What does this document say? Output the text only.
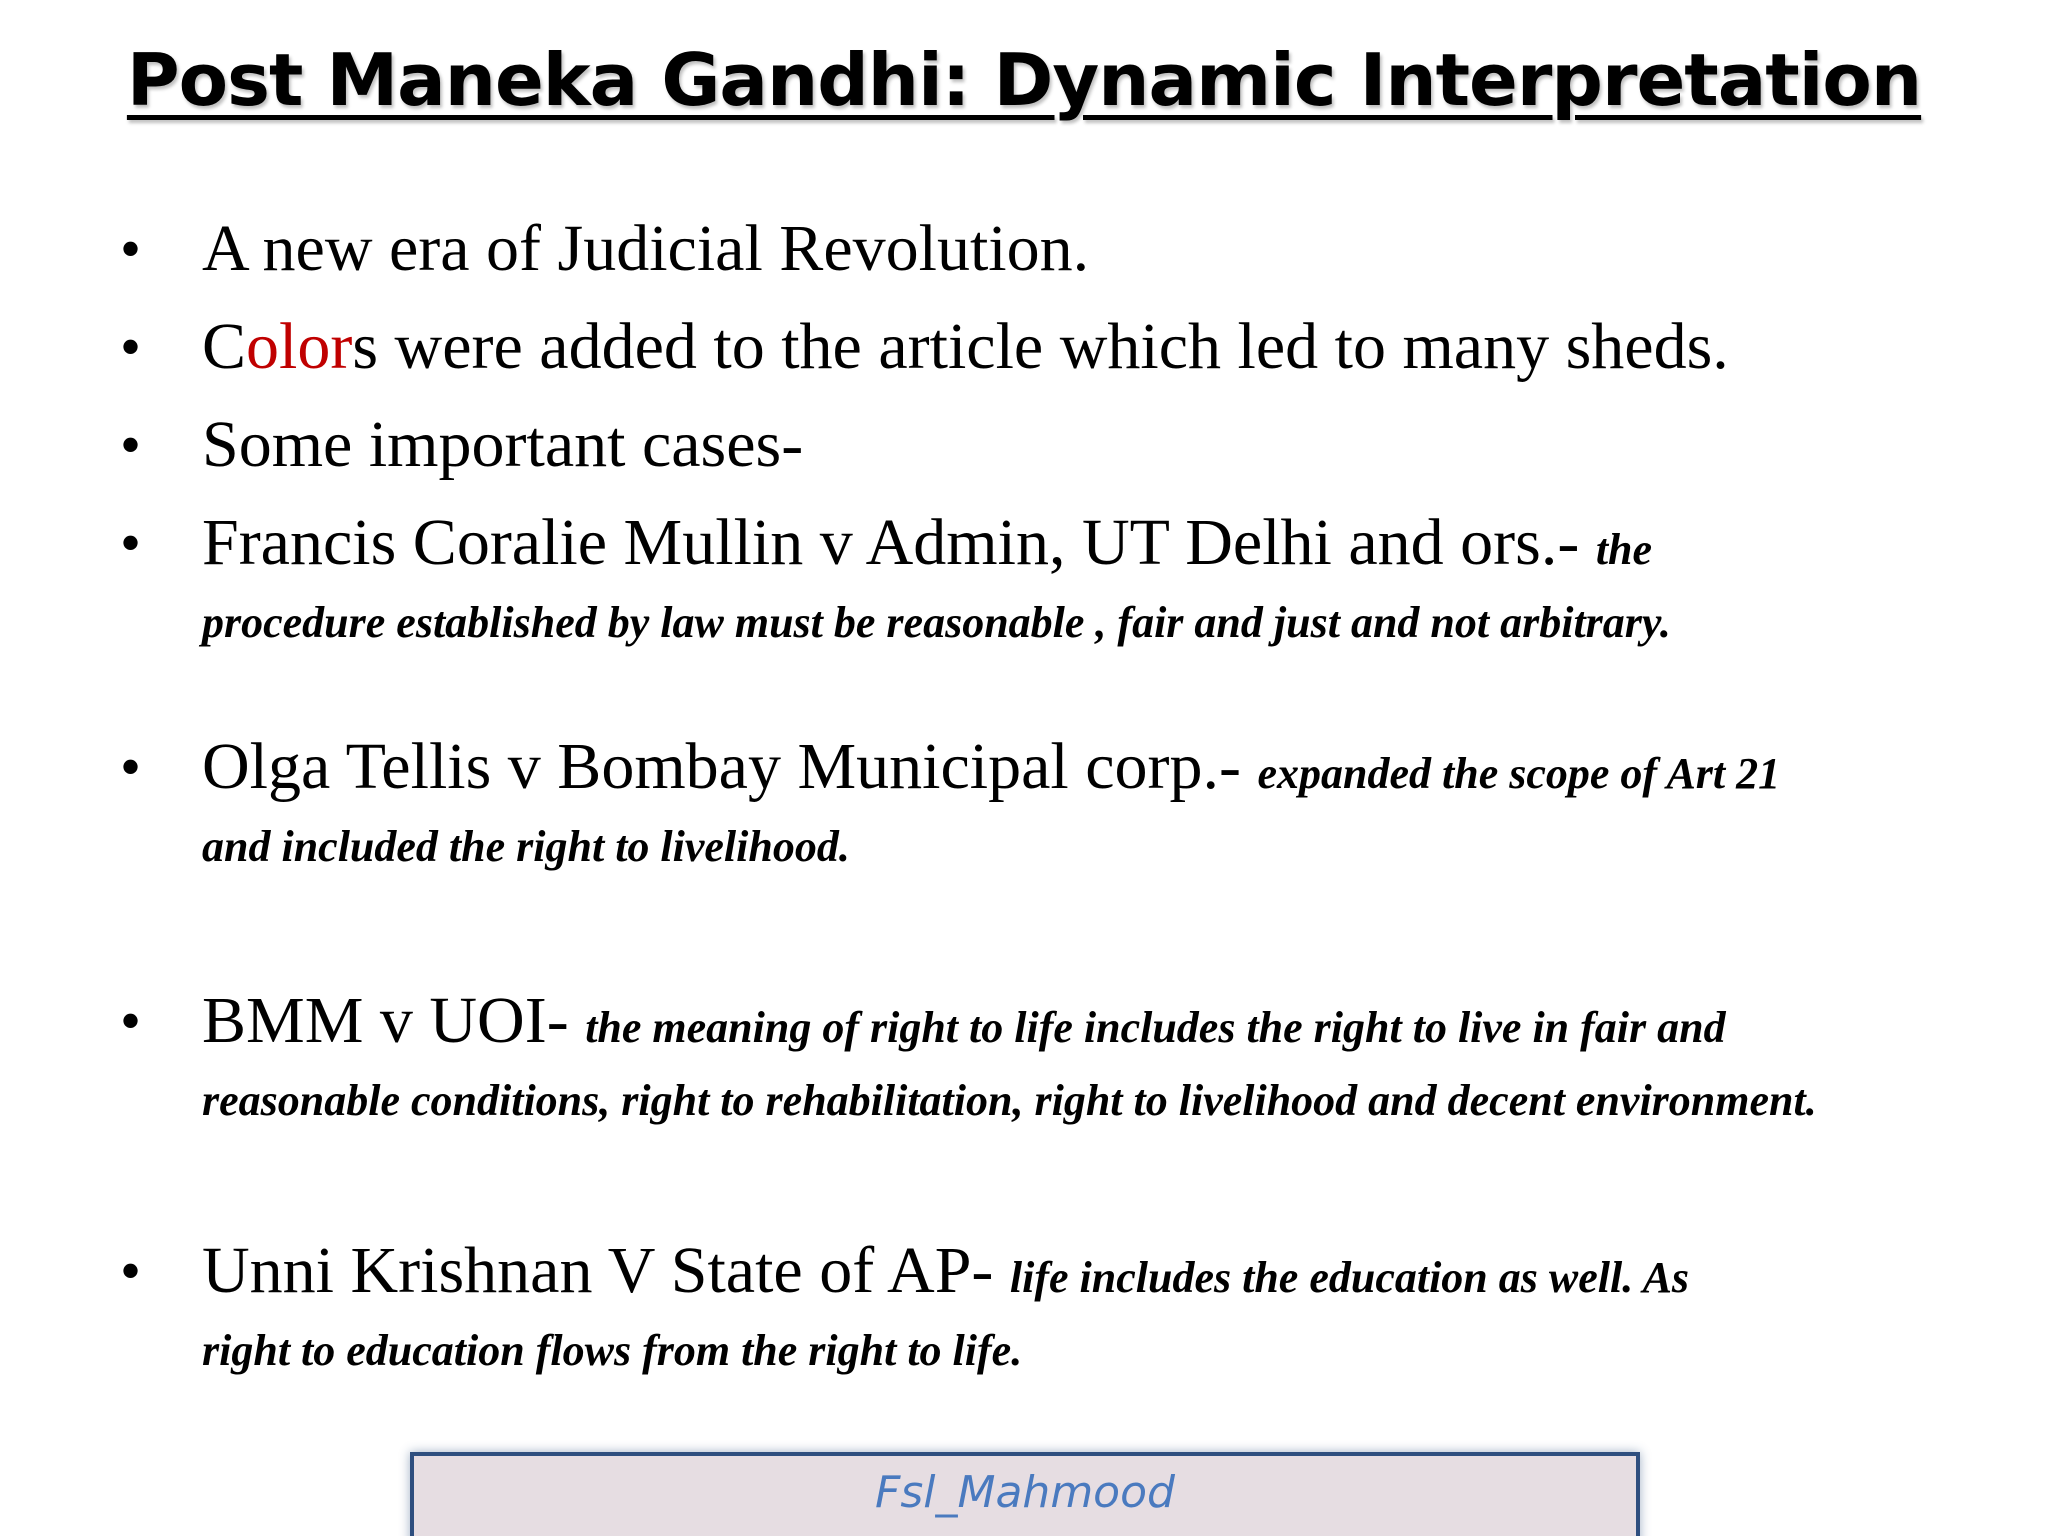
Post Maneka Gandhi: Dynamic Interpretation
• A new era of Judicial Revolution.
• Colors were added to the article which led to many sheds.
• Some important cases-
• Francis Coralie Mullin v Admin, UT Delhi and ors.- the
procedure established by law must be reasonable , fair and just and not arbitrary.
• Olga Tellis v Bombay Municipal corp.- expanded the scope of Art 21
and included the right to livelihood.
• BMM v UOI- the meaning of right to life includes the right to live in fair and
reasonable conditions, right to rehabilitation, right to livelihood and decent environment.
• Unni Krishnan V State of AP- life includes the education as well. As
right to education flows from the right to life.
Fsl_Mahmood
